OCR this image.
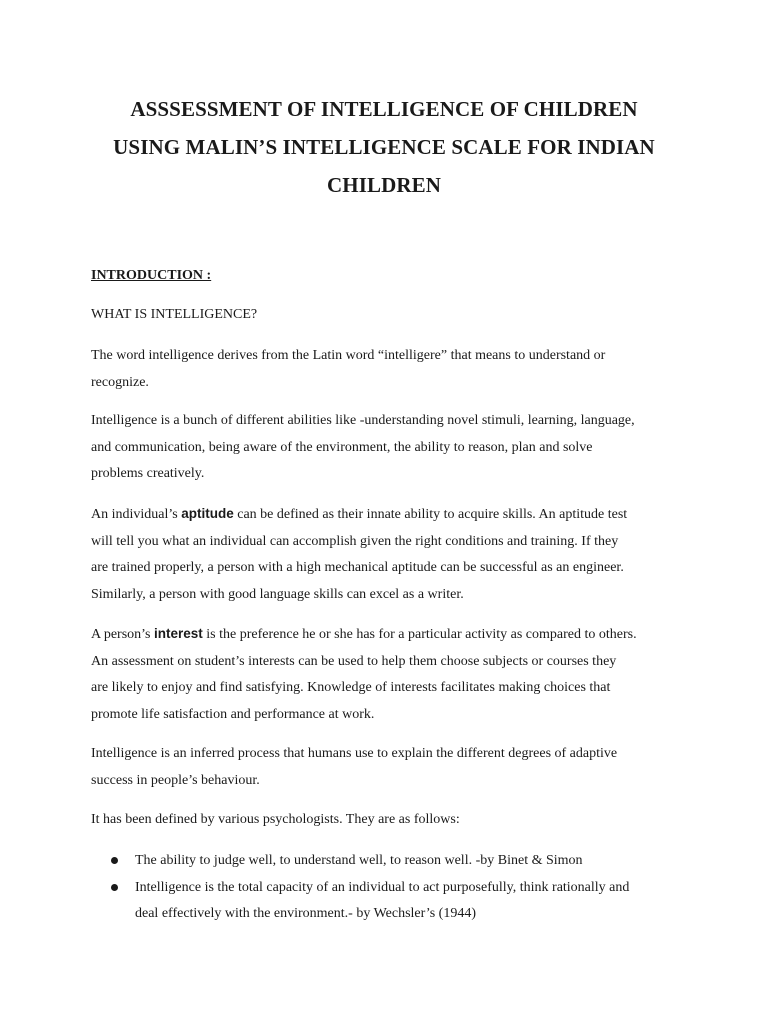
ASSSESSMENT OF INTELLIGENCE OF CHILDREN
USING MALIN’S INTELLIGENCE SCALE FOR INDIAN
CHILDREN
INTRODUCTION :
WHAT IS INTELLIGENCE?
The word intelligence derives from the Latin word “intelligere” that means to understand or
recognize.
Intelligence is a bunch of different abilities like -understanding novel stimuli, learning, language,
and communication, being aware of the environment, the ability to reason, plan and solve
problems creatively.
An individual’s aptitude can be defined as their innate ability to acquire skills. An aptitude test
will tell you what an individual can accomplish given the right conditions and training. If they
are trained properly, a person with a high mechanical aptitude can be successful as an engineer.
Similarly, a person with good language skills can excel as a writer.
A person’s interest is the preference he or she has for a particular activity as compared to others.
An assessment on student’s interests can be used to help them choose subjects or courses they
are likely to enjoy and find satisfying. Knowledge of interests facilitates making choices that
promote life satisfaction and performance at work.
Intelligence is an inferred process that humans use to explain the different degrees of adaptive
success in people’s behaviour.
It has been defined by various psychologists. They are as follows:
The ability to judge well, to understand well, to reason well. -by Binet & Simon
Intelligence is the total capacity of an individual to act purposefully, think rationally and
deal effectively with the environment.- by Wechsler’s (1944)
